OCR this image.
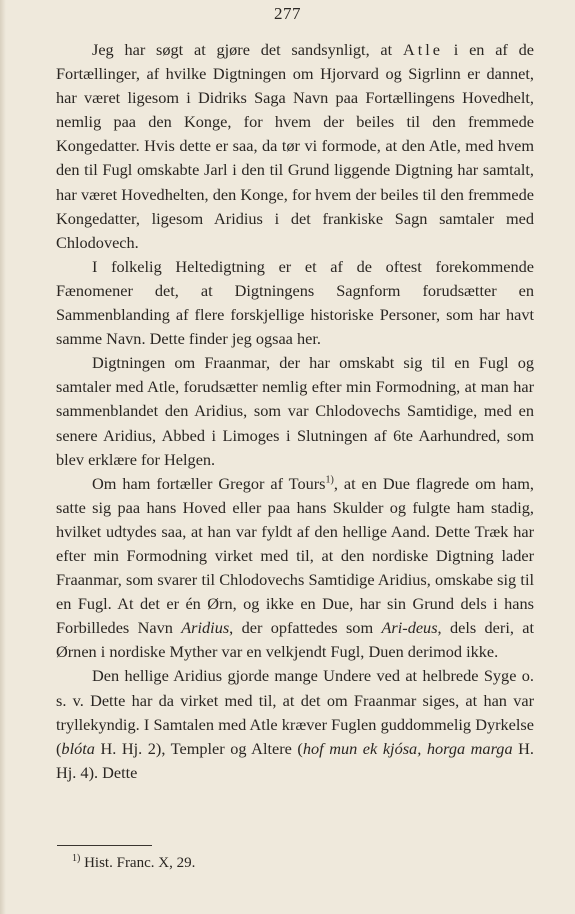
277

Jeg har søgt at gjøre det sandsynligt, at Atle i en af de Fortællinger, af hvilke Digtningen om Hjorvard og Sigrlinn er dannet, har været ligesom i Didriks Saga Navn paa Fortællingens Hovedhelt, nemlig paa den Konge, for hvem der beiles til den fremmede Kongedatter. Hvis dette er saa, da tør vi formode, at den Atle, med hvem den til Fugl omskabte Jarl i den til Grund liggende Digtning har samtalt, har været Hovedhelten, den Konge, for hvem der beiles til den fremmede Kongedatter, ligesom Aridius i det frankiske Sagn samtaler med Chlodovech.

I folkelig Heltedigtning er et af de oftest forekommende Fænomener det, at Digtningens Sagnform forudsætter en Sammenblanding af flere forskjellige historiske Personer, som har havt samme Navn. Dette finder jeg ogsaa her.

Digtningen om Fraanmar, der har omskabt sig til en Fugl og samtaler med Atle, forudsætter nemlig efter min Formodning, at man har sammenblandet den Aridius, som var Chlodovechs Samtidige, med en senere Aridius, Abbed i Limoges i Slutningen af 6te Aarhundred, som blev erklære for Helgen.

Om ham fortæller Gregor af Tours$^{1)}$, at en Due flagrede om ham, satte sig paa hans Hoved eller paa hans Skulder og fulgte ham stadig, hvilket udtydes saa, at han var fyldt af den hellige Aand. Dette Træk har efter min Formodning virket med til, at den nordiske Digtning lader Fraanmar, som svarer til Chlodovechs Samtidige Aridius, omskabe sig til en Fugl. At det er én Ørn, og ikke en Due, har sin Grund dels i hans Forbilledes Navn Aridius, der opfattedes som Ari-deus, dels deri, at Ørnen i nordiske Myther var en velkjendt Fugl, Duen derimod ikke.

Den hellige Aridius gjorde mange Undere ved at helbrede Syge o. s. v. Dette har da virket med til, at det om Fraanmar siges, at han var tryllekyndig. I Samtalen med Atle kræver Fuglen guddommelig Dyrkelse (blóta H. Hj. 2), Templer og Altere (hof mun ek kjósa, horga marga H. Hj. 4). Dette

$^{1)}$ Hist. Franc. X, 29.
